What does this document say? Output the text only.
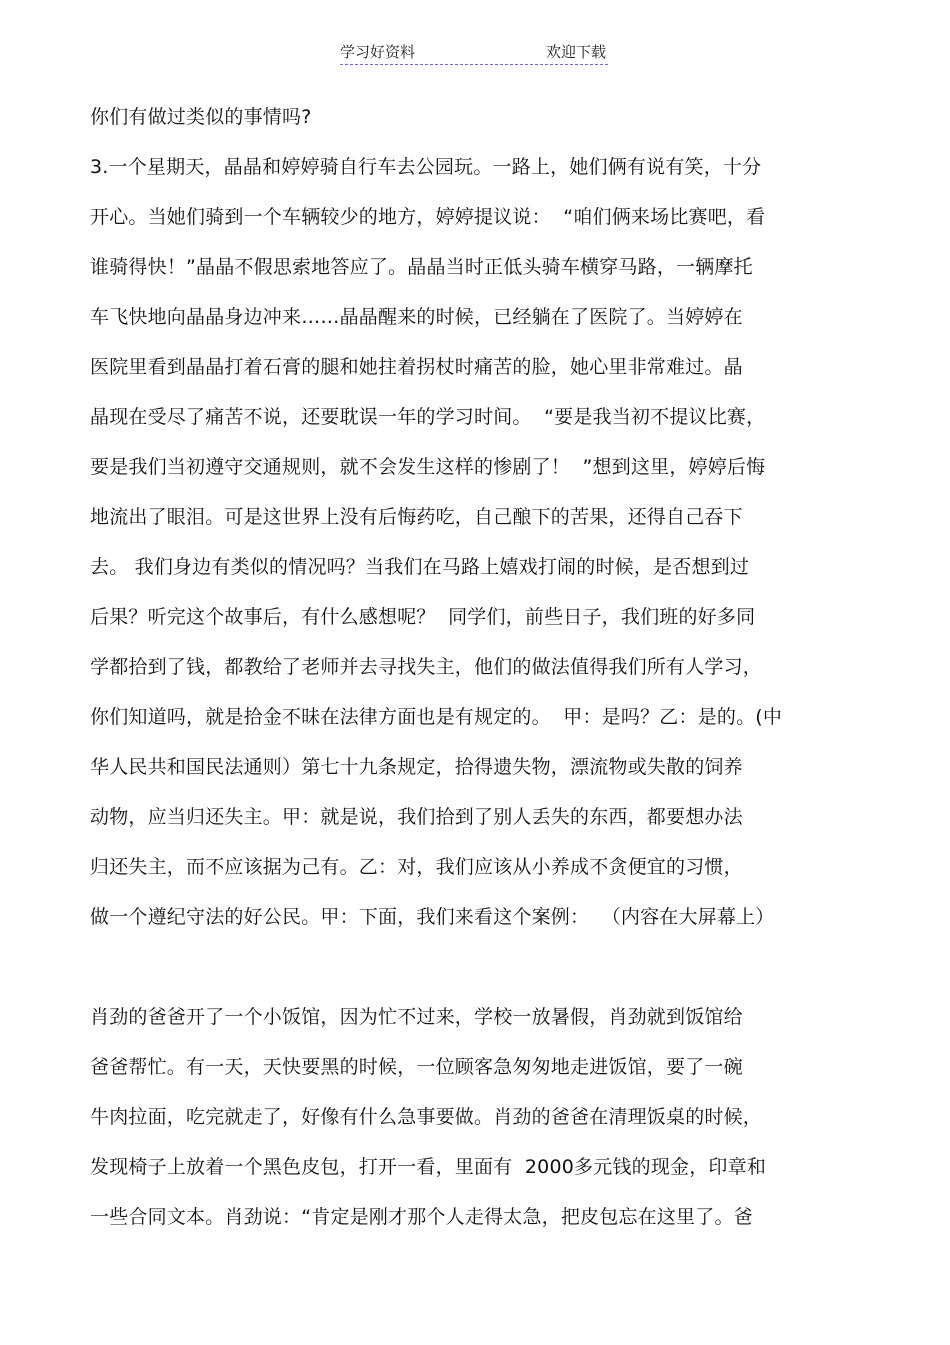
学习好资料	欢迎下载
你们有做过类似的事情吗?
3.一个星期天，晶晶和婷婷骑自行车去公园玩。一路上，她们俩有说有笑，十分
开心。当她们骑到一个车辆较少的地方，婷婷提议说：  “咱们俩来场比赛吧，看
谁骑得快！”晶晶不假思索地答应了。晶晶当时正低头骑车横穿马路，一辆摩托
车飞快地向晶晶身边冲来……晶晶醒来的时候，已经躺在了医院了。当婷婷在
医院里看到晶晶打着石膏的腿和她拄着拐杖时痛苦的脸，她心里非常难过。晶
晶现在受尽了痛苦不说，还要耽误一年的学习时间。  “要是我当初不提议比赛，
要是我们当初遵守交通规则，就不会发生这样的惨剧了！  ”想到这里，婷婷后悔
地流出了眼泪。可是这世界上没有后悔药吃，自己酿下的苦果，还得自己吞下
去。 我们身边有类似的情况吗？当我们在马路上嬉戏打闹的时候，是否想到过
后果？听完这个故事后，有什么感想呢？  同学们，前些日子，我们班的好多同
学都拾到了钱，都教给了老师并去寻找失主，他们的做法值得我们所有人学习，
你们知道吗，就是拾金不昧在法律方面也是有规定的。  甲：是吗？乙：是的。(中
华人民共和国民法通则）第七十九条规定，拾得遗失物，漂流物或失散的饲养
动物，应当归还失主。甲：就是说，我们拾到了别人丢失的东西，都要想办法
归还失主，而不应该据为己有。乙：对，我们应该从小养成不贪便宜的习惯，
做一个遵纪守法的好公民。甲：下面，我们来看这个案例：  （内容在大屏幕上）
肖劲的爸爸开了一个小饭馆，因为忙不过来，学校一放暑假，肖劲就到饭馆给
爸爸帮忙。有一天，天快要黑的时候，一位顾客急匆匆地走进饭馆，要了一碗
牛肉拉面，吃完就走了，好像有什么急事要做。肖劲的爸爸在清理饭桌的时候，
发现椅子上放着一个黑色皮包，打开一看，里面有  2000多元钱的现金，印章和
一些合同文本。肖劲说：“肯定是刚才那个人走得太急，把皮包忘在这里了。爸
